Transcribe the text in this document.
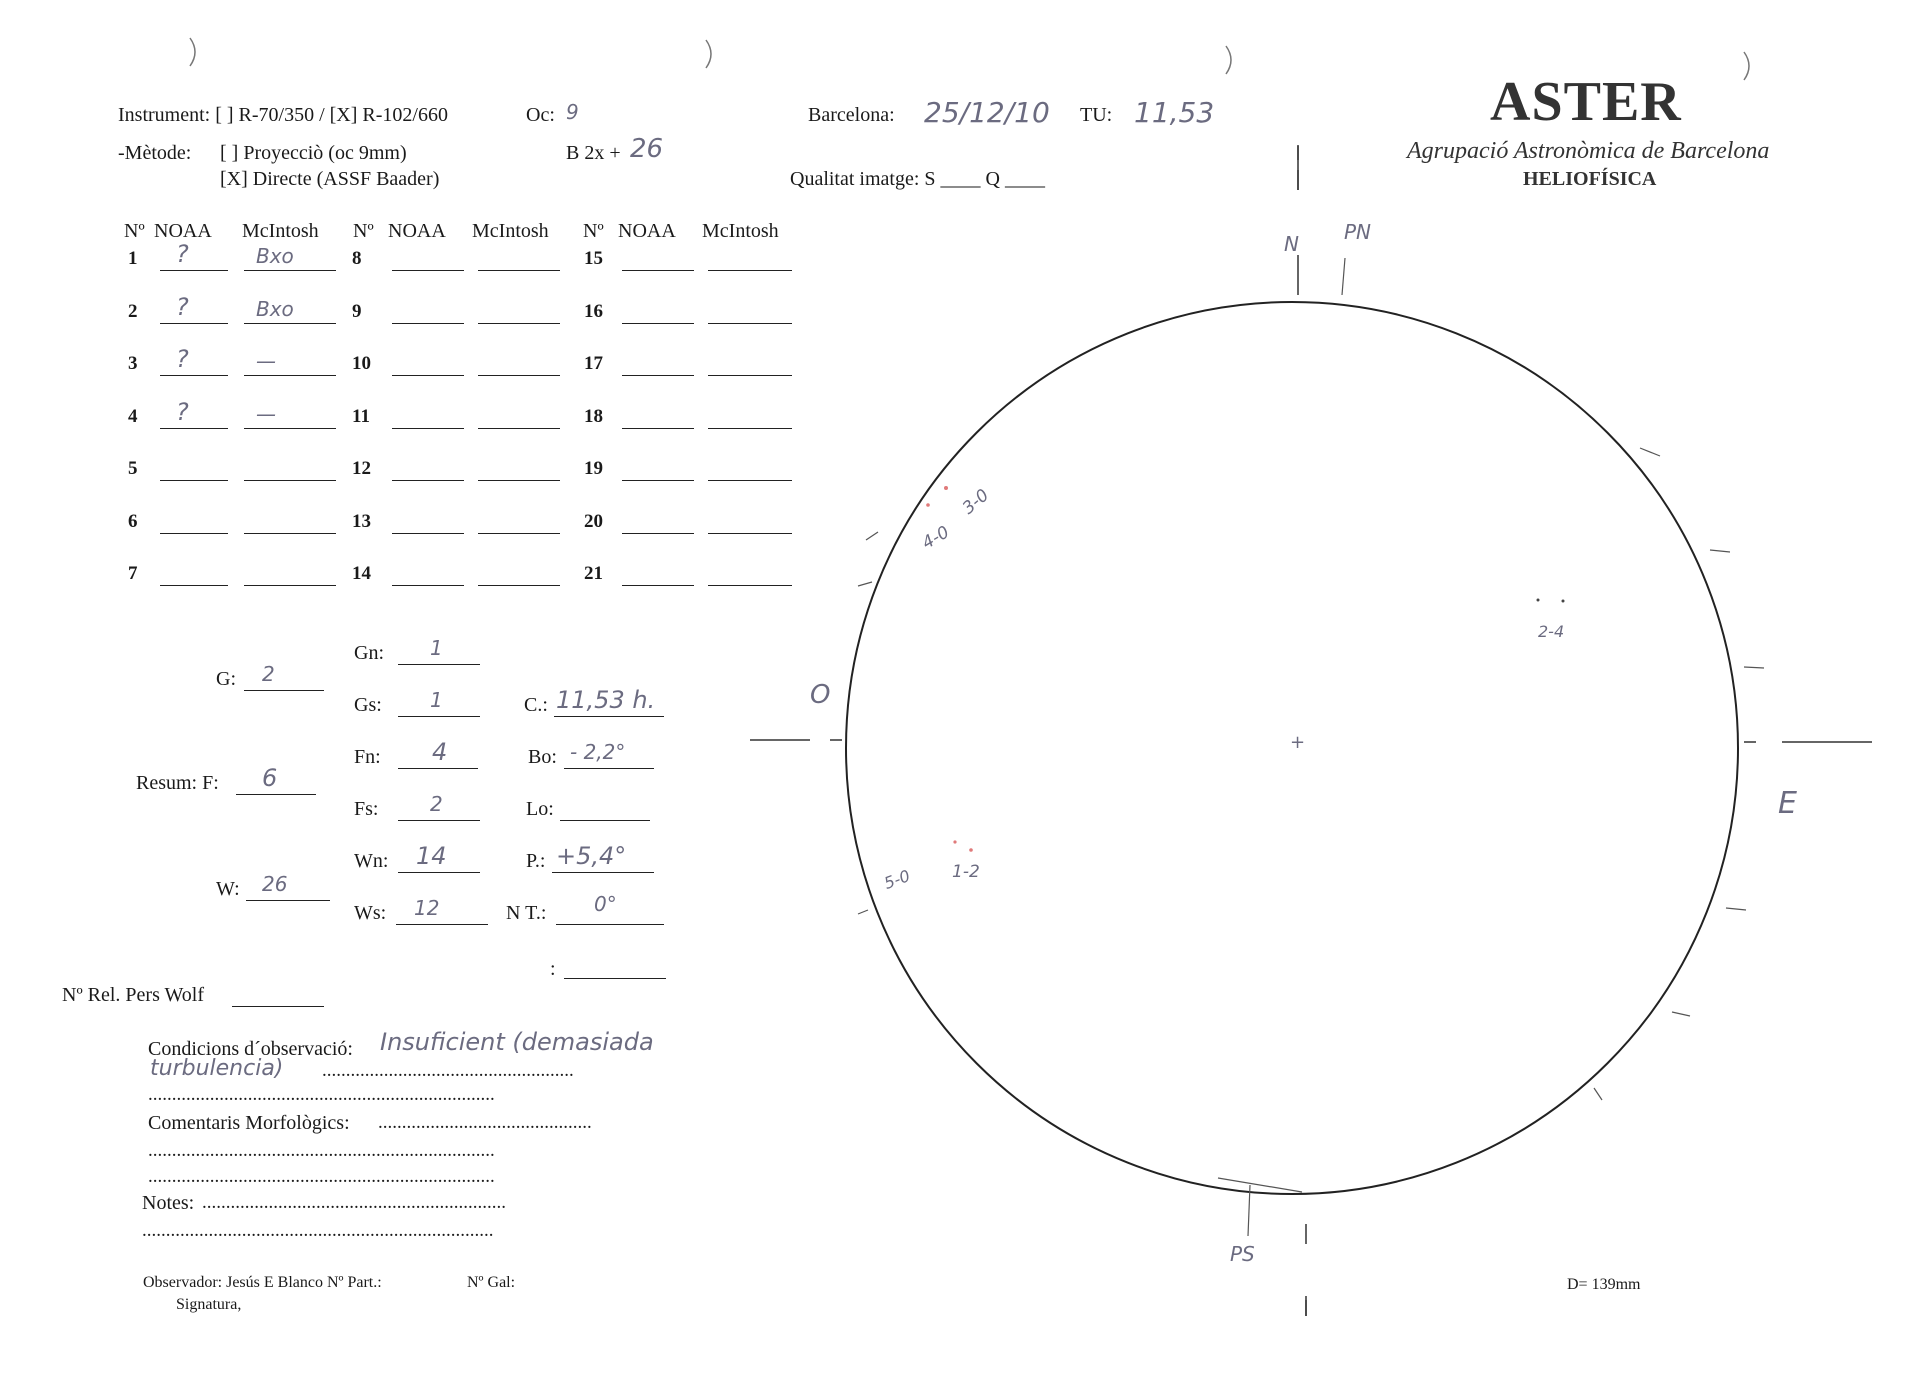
Instrument: [ ] R-70/350 / [X] R-102/660	Oc: 9
-Mètode: [ ] Proyecciò (oc 9mm)	B 2x + 26
[X] Directe (ASSF Baader)
Barcelona: 25/12/10 TU: 11,53
Qualitat imatge: S ____ Q ____
ASTER
Agrupació Astronòmica de Barcelona
HELIOFÍSICA
Nº NOAA McIntosh Nº NOAA McIntosh Nº NOAA McIntosh
1 ?	Bxo	8	15
2 ?	Bxo	9	16
3 ?	—	10	17
4 ?	—	11	18
5	12	19
6	13	20
7	14	21
G: 2
Resum: F: 6
W: 26
Gn: 1
Gs: 1
Fn: 4
Fs:	2
Wn: 14
Ws: 12
C.: 11,53 h.
Bo: - 2,2°
Lo:
P.: +5,4°
N T.: 0°
:
Nº Rel. Pers Wolf
Condicions d´observació: Insuficient (demasiada
turbulencia) .....................................................
.........................................................................
Comentaris Morfològics: .............................................
.........................................................................
.........................................................................
Notes: ................................................................
..........................................................................
Observador: Jesús E Blanco Nº Part.:	Nº Gal:
Signatura,
D= 139mm
PN
N
PS
E
O
+
4-0
3-0
2-4
5-0 1-2
